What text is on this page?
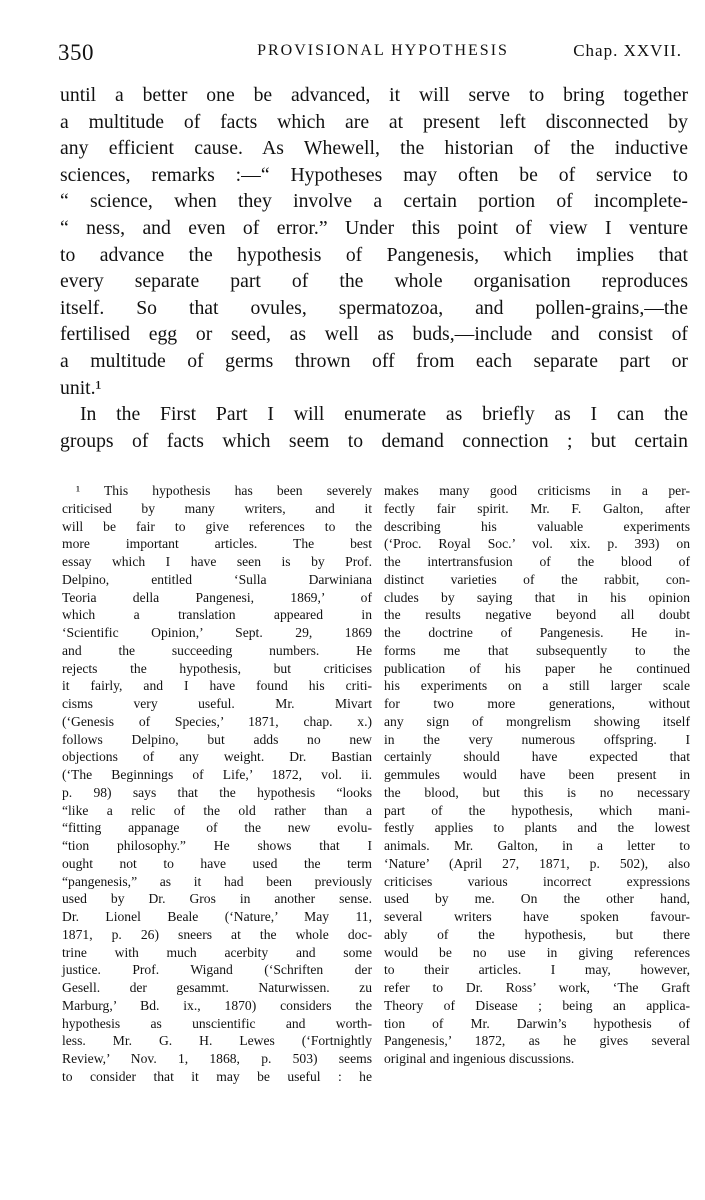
350	PROVISIONAL HYPOTHESIS	Chap. XXVII.
until a better one be advanced, it will serve to bring together
a multitude of facts which are at present left disconnected by
any efficient cause. As Whewell, the historian of the inductive
sciences, remarks :—“ Hypotheses may often be of service to
“ science, when they involve a certain portion of incomplete-
“ ness, and even of error.” Under this point of view I venture
to advance the hypothesis of Pangenesis, which implies that
every separate part of the whole organisation reproduces
itself. So that ovules, spermatozoa, and pollen-grains,—the
fertilised egg or seed, as well as buds,—include and consist of
a multitude of germs thrown off from each separate part or
unit.¹
In the First Part I will enumerate as briefly as I can the
groups of facts which seem to demand connection ; but certain
¹ This hypothesis has been severely
criticised by many writers, and it
will be fair to give references to the
more important articles. The best
essay which I have seen is by Prof.
Delpino, entitled ‘Sulla Darwiniana
Teoria della Pangenesi, 1869,’ of
which a translation appeared in
‘Scientific Opinion,’ Sept. 29, 1869
and the succeeding numbers. He
rejects the hypothesis, but criticises
it fairly, and I have found his criti-
cisms very useful. Mr. Mivart
(‘Genesis of Species,’ 1871, chap. x.)
follows Delpino, but adds no new
objections of any weight. Dr. Bastian
(‘The Beginnings of Life,’ 1872, vol. ii.
p. 98) says that the hypothesis “looks
“like a relic of the old rather than a
“fitting appanage of the new evolu-
“tion philosophy.” He shows that I
ought not to have used the term
“pangenesis,” as it had been previously
used by Dr. Gros in another sense.
Dr. Lionel Beale (‘Nature,’ May 11,
1871, p. 26) sneers at the whole doc-
trine with much acerbity and some
justice. Prof. Wigand (‘Schriften der
Gesell. der gesammt. Naturwissen. zu
Marburg,’ Bd. ix., 1870) considers the
hypothesis as unscientific and worth-
less. Mr. G. H. Lewes (‘Fortnightly
Review,’ Nov. 1, 1868, p. 503) seems
to consider that it may be useful : he
makes many good criticisms in a per-
fectly fair spirit. Mr. F. Galton, after
describing his valuable experiments
(‘Proc. Royal Soc.’ vol. xix. p. 393) on
the intertransfusion of the blood of
distinct varieties of the rabbit, con-
cludes by saying that in his opinion
the results negative beyond all doubt
the doctrine of Pangenesis. He in-
forms me that subsequently to the
publication of his paper he continued
his experiments on a still larger scale
for two more generations, without
any sign of mongrelism showing itself
in the very numerous offspring. I
certainly should have expected that
gemmules would have been present in
the blood, but this is no necessary
part of the hypothesis, which mani-
festly applies to plants and the lowest
animals. Mr. Galton, in a letter to
‘Nature’ (April 27, 1871, p. 502), also
criticises various incorrect expressions
used by me. On the other hand,
several writers have spoken favour-
ably of the hypothesis, but there
would be no use in giving references
to their articles. I may, however,
refer to Dr. Ross’ work, ‘The Graft
Theory of Disease ; being an applica-
tion of Mr. Darwin’s hypothesis of
Pangenesis,’ 1872, as he gives several
original and ingenious discussions.
